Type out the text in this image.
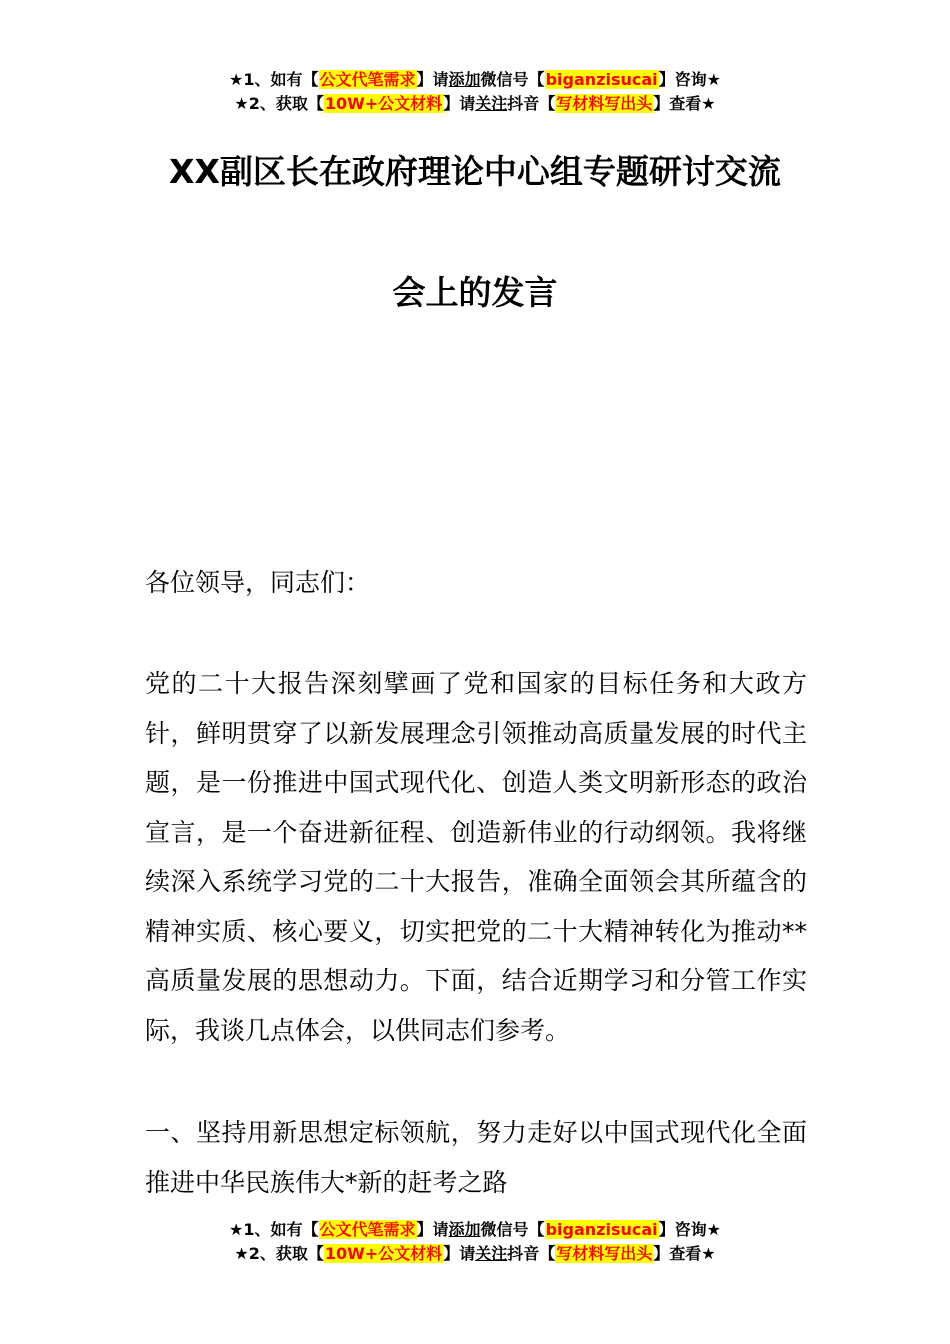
★1、如有【公文代笔需求】请添加微信号【biganzisucai】咨询★
★2、获取【10W+公文材料】请关注抖音【写材料写出头】查看★
XX副区长在政府理论中心组专题研讨交流
会上的发言

各位领导，同志们：

党的二十大报告深刻擘画了党和国家的目标任务和大政方针，鲜明贯穿了以新发展理念引领推动高质量发展的时代主题，是一份推进中国式现代化、创造人类文明新形态的政治宣言，是一个奋进新征程、创造新伟业的行动纲领。我将继续深入系统学习党的二十大报告，准确全面领会其所蕴含的精神实质、核心要义，切实把党的二十大精神转化为推动**高质量发展的思想动力。下面，结合近期学习和分管工作实际，我谈几点体会，以供同志们参考。

一、坚持用新思想定标领航，努力走好以中国式现代化全面推进中华民族伟大*新的赶考之路

★1、如有【公文代笔需求】请添加微信号【biganzisucai】咨询★
★2、获取【10W+公文材料】请关注抖音【写材料写出头】查看★
